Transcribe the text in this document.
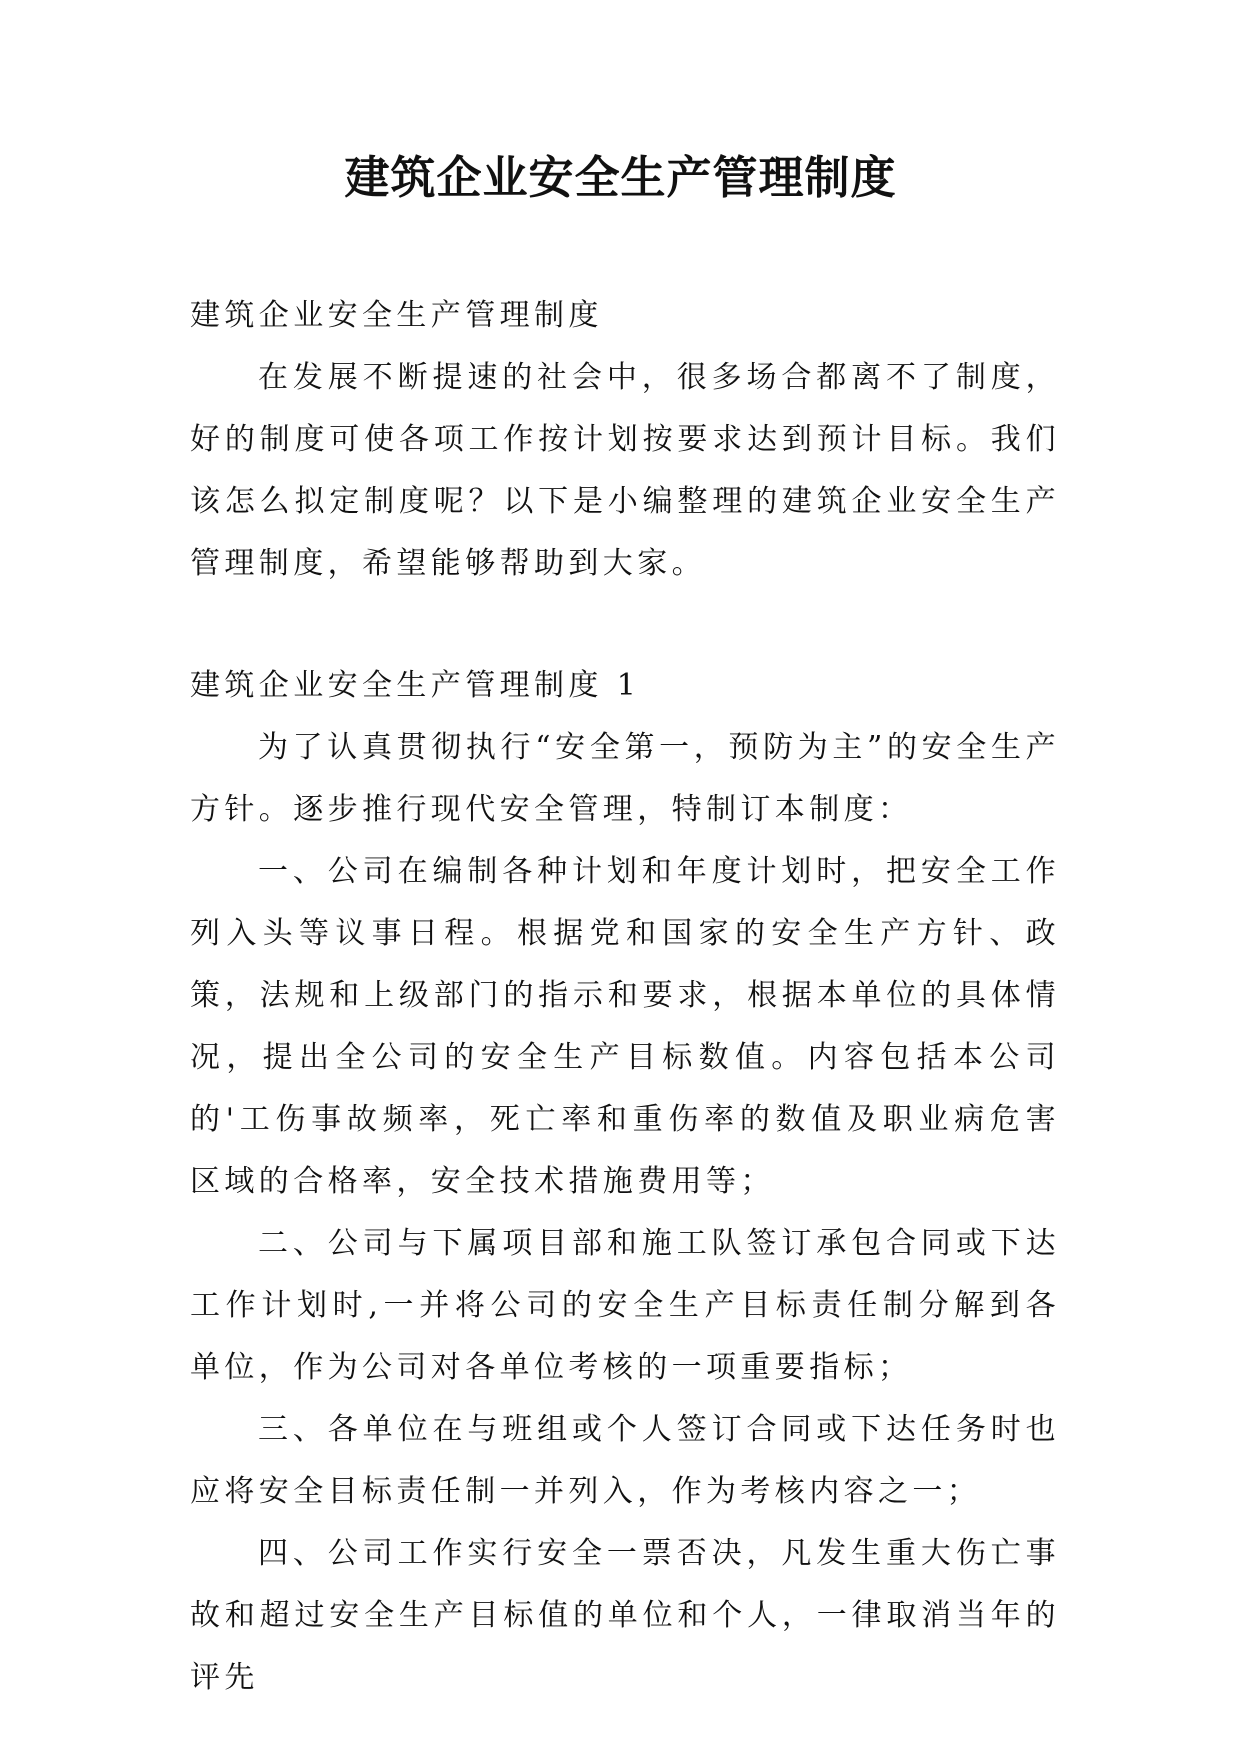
建筑企业安全生产管理制度

建筑企业安全生产管理制度

在发展不断提速的社会中，很多场合都离不了制度，好的制度可使各项工作按计划按要求达到预计目标。我们该怎么拟定制度呢？以下是小编整理的建筑企业安全生产管理制度，希望能够帮助到大家。

建筑企业安全生产管理制度 1

为了认真贯彻执行“安全第一，预防为主”的安全生产方针。逐步推行现代安全管理，特制订本制度：

一、公司在编制各种计划和年度计划时，把安全工作列入头等议事日程。根据党和国家的安全生产方针、政策，法规和上级部门的指示和要求，根据本单位的具体情况，提出全公司的安全生产目标数值。内容包括本公司的'工伤事故频率，死亡率和重伤率的数值及职业病危害区域的合格率，安全技术措施费用等；

二、公司与下属项目部和施工队签订承包合同或下达工作计划时,一并将公司的安全生产目标责任制分解到各单位，作为公司对各单位考核的一项重要指标；

三、各单位在与班组或个人签订合同或下达任务时也应将安全目标责任制一并列入，作为考核内容之一；

四、公司工作实行安全一票否决，凡发生重大伤亡事故和超过安全生产目标值的单位和个人，一律取消当年的评先
